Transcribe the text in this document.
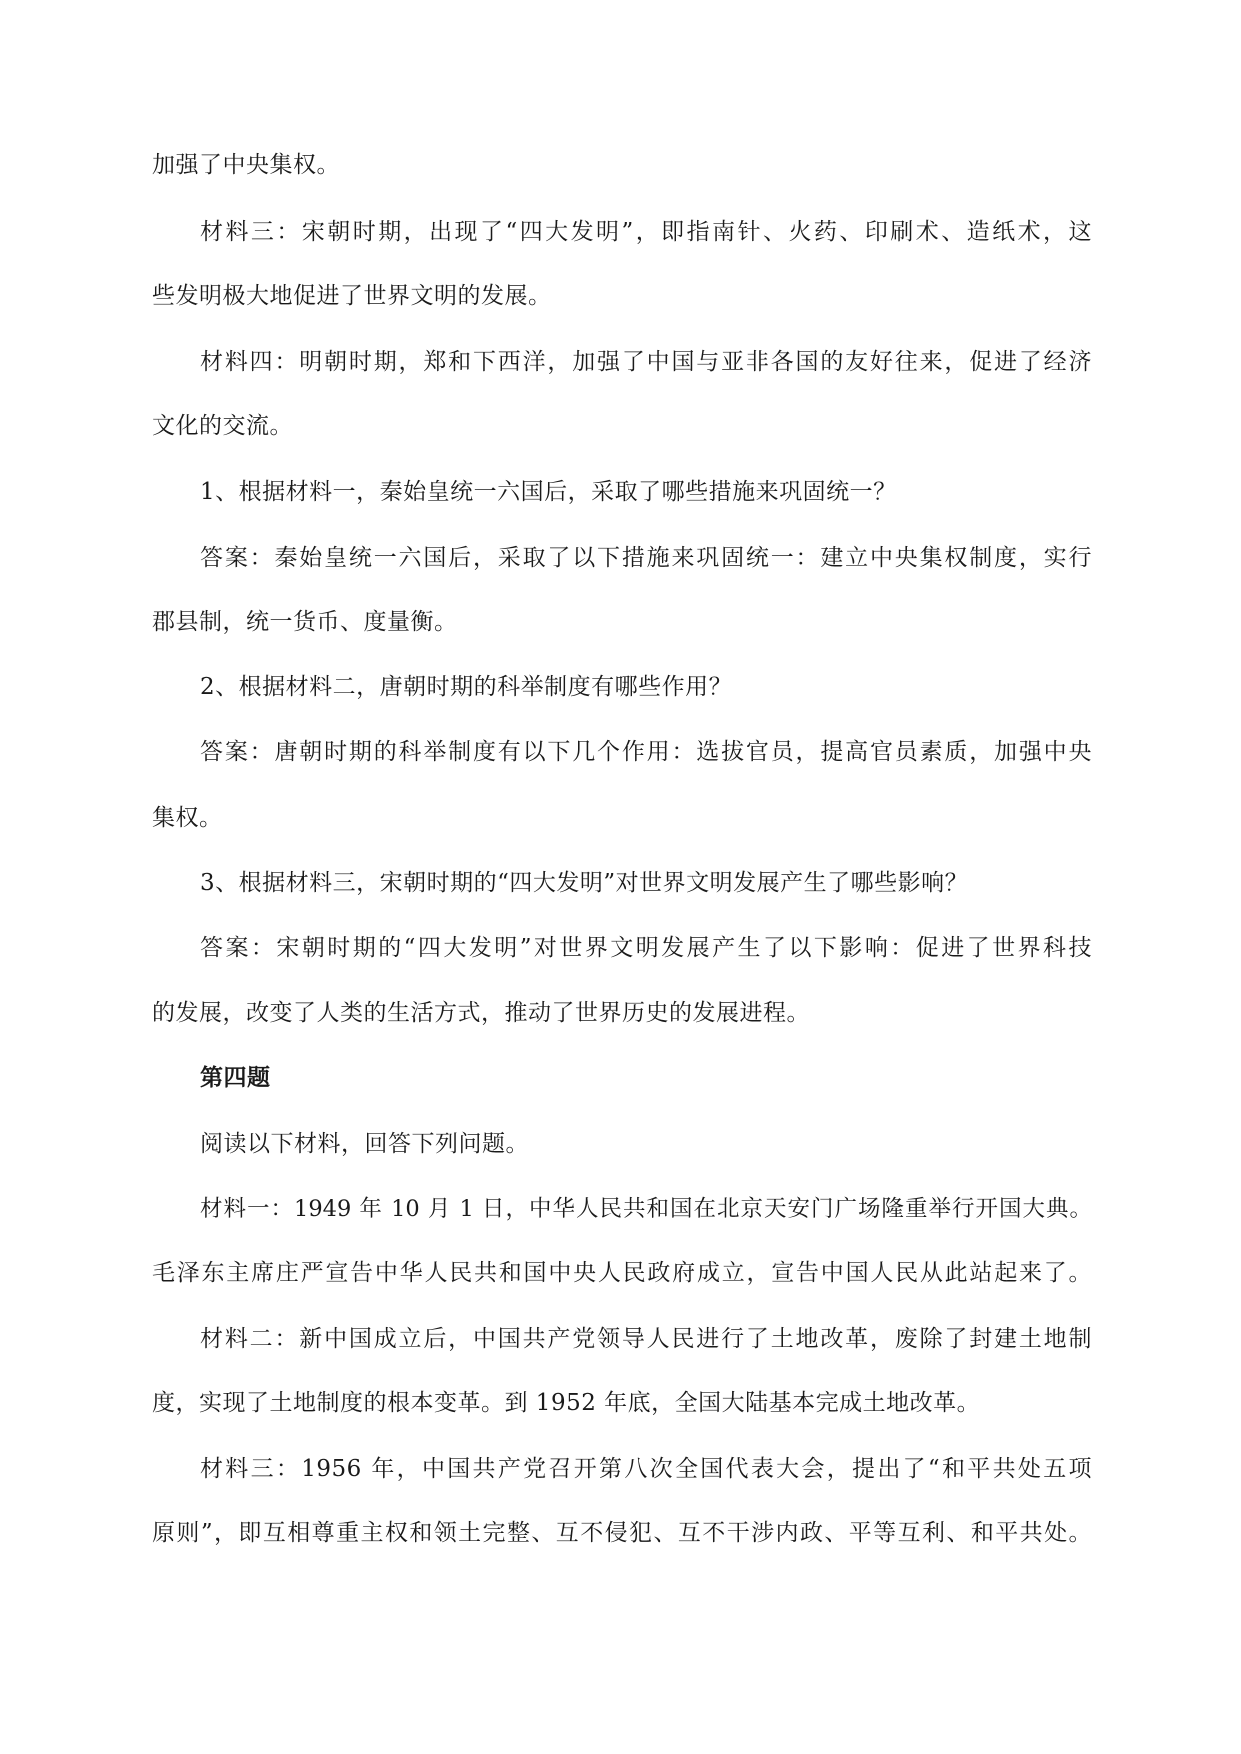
加强了中央集权。
材料三：宋朝时期，出现了“四大发明”，即指南针、火药、印刷术、造纸术，这
些发明极大地促进了世界文明的发展。
材料四：明朝时期，郑和下西洋，加强了中国与亚非各国的友好往来，促进了经济
文化的交流。
1、根据材料一，秦始皇统一六国后，采取了哪些措施来巩固统一？
答案：秦始皇统一六国后，采取了以下措施来巩固统一：建立中央集权制度，实行
郡县制，统一货币、度量衡。
2、根据材料二，唐朝时期的科举制度有哪些作用？
答案：唐朝时期的科举制度有以下几个作用：选拔官员，提高官员素质，加强中央
集权。
3、根据材料三，宋朝时期的“四大发明”对世界文明发展产生了哪些影响？
答案：宋朝时期的“四大发明”对世界文明发展产生了以下影响：促进了世界科技
的发展，改变了人类的生活方式，推动了世界历史的发展进程。
第四题
阅读以下材料，回答下列问题。
材料一：1949 年 10 月 1 日，中华人民共和国在北京天安门广场隆重举行开国大典。
毛泽东主席庄严宣告中华人民共和国中央人民政府成立，宣告中国人民从此站起来了。
材料二：新中国成立后，中国共产党领导人民进行了土地改革，废除了封建土地制
度，实现了土地制度的根本变革。到 1952 年底，全国大陆基本完成土地改革。
材料三：1956 年，中国共产党召开第八次全国代表大会，提出了“和平共处五项
原则”，即互相尊重主权和领土完整、互不侵犯、互不干涉内政、平等互利、和平共处。
